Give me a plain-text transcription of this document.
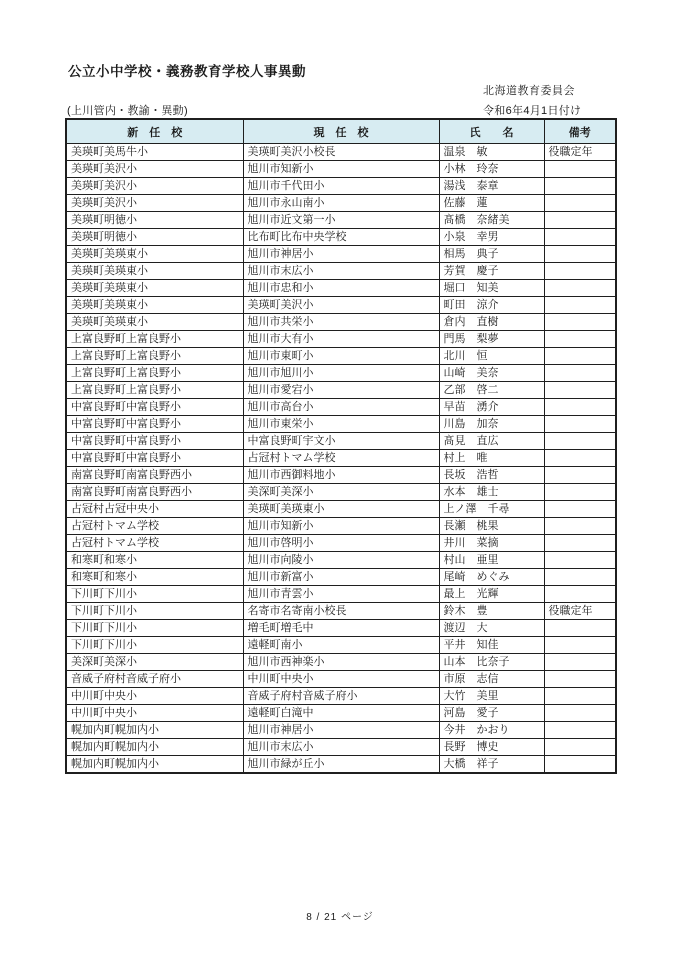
公立小中学校・義務教育学校人事異動
北海道教育委員会
(上川管内・教諭・異動)	令和6年4月1日付け
新　任　校	現　任　校	氏　　名	備考
美瑛町美馬牛小	美瑛町美沢小校長	温泉　敏	役職定年
美瑛町美沢小	旭川市知新小	小林　玲奈	
美瑛町美沢小	旭川市千代田小	湯浅　泰章	
美瑛町美沢小	旭川市永山南小	佐藤　蓮	
美瑛町明徳小	旭川市近文第一小	髙橋　奈緒美	
美瑛町明徳小	比布町比布中央学校	小泉　幸男	
美瑛町美瑛東小	旭川市神居小	相馬　典子	
美瑛町美瑛東小	旭川市末広小	芳賀　慶子	
美瑛町美瑛東小	旭川市忠和小	堀口　知美	
美瑛町美瑛東小	美瑛町美沢小	町田　涼介	
美瑛町美瑛東小	旭川市共栄小	倉内　直樹	
上富良野町上富良野小	旭川市大有小	門馬　梨夢	
上富良野町上富良野小	旭川市東町小	北川　恒	
上富良野町上富良野小	旭川市旭川小	山崎　美奈	
上富良野町上富良野小	旭川市愛宕小	乙部　啓二	
中富良野町中富良野小	旭川市高台小	早苗　湧介	
中富良野町中富良野小	旭川市東栄小	川島　加奈	
中富良野町中富良野小	中富良野町宇文小	髙見　直広	
中富良野町中富良野小	占冠村トマム学校	村上　唯	
南富良野町南富良野西小	旭川市西御料地小	長坂　浩哲	
南富良野町南富良野西小	美深町美深小	水本　雄士	
占冠村占冠中央小	美瑛町美瑛東小	上ノ澤　千尋	
占冠村トマム学校	旭川市知新小	長瀬　桃果	
占冠村トマム学校	旭川市啓明小	井川　菜摘	
和寒町和寒小	旭川市向陵小	村山　亜里	
和寒町和寒小	旭川市新富小	尾崎　めぐみ	
下川町下川小	旭川市青雲小	最上　光輝	
下川町下川小	名寄市名寄南小校長	鈴木　豊	役職定年
下川町下川小	増毛町増毛中	渡辺　大	
下川町下川小	遠軽町南小	平井　知佳	
美深町美深小	旭川市西神楽小	山本　比奈子	
音威子府村音威子府小	中川町中央小	市原　志信	
中川町中央小	音威子府村音威子府小	大竹　美里	
中川町中央小	遠軽町白滝中	河島　愛子	
幌加内町幌加内小	旭川市神居小	今井　かおり	
幌加内町幌加内小	旭川市末広小	長野　博史	
幌加内町幌加内小	旭川市緑が丘小	大橋　祥子	
8 / 21 ページ
